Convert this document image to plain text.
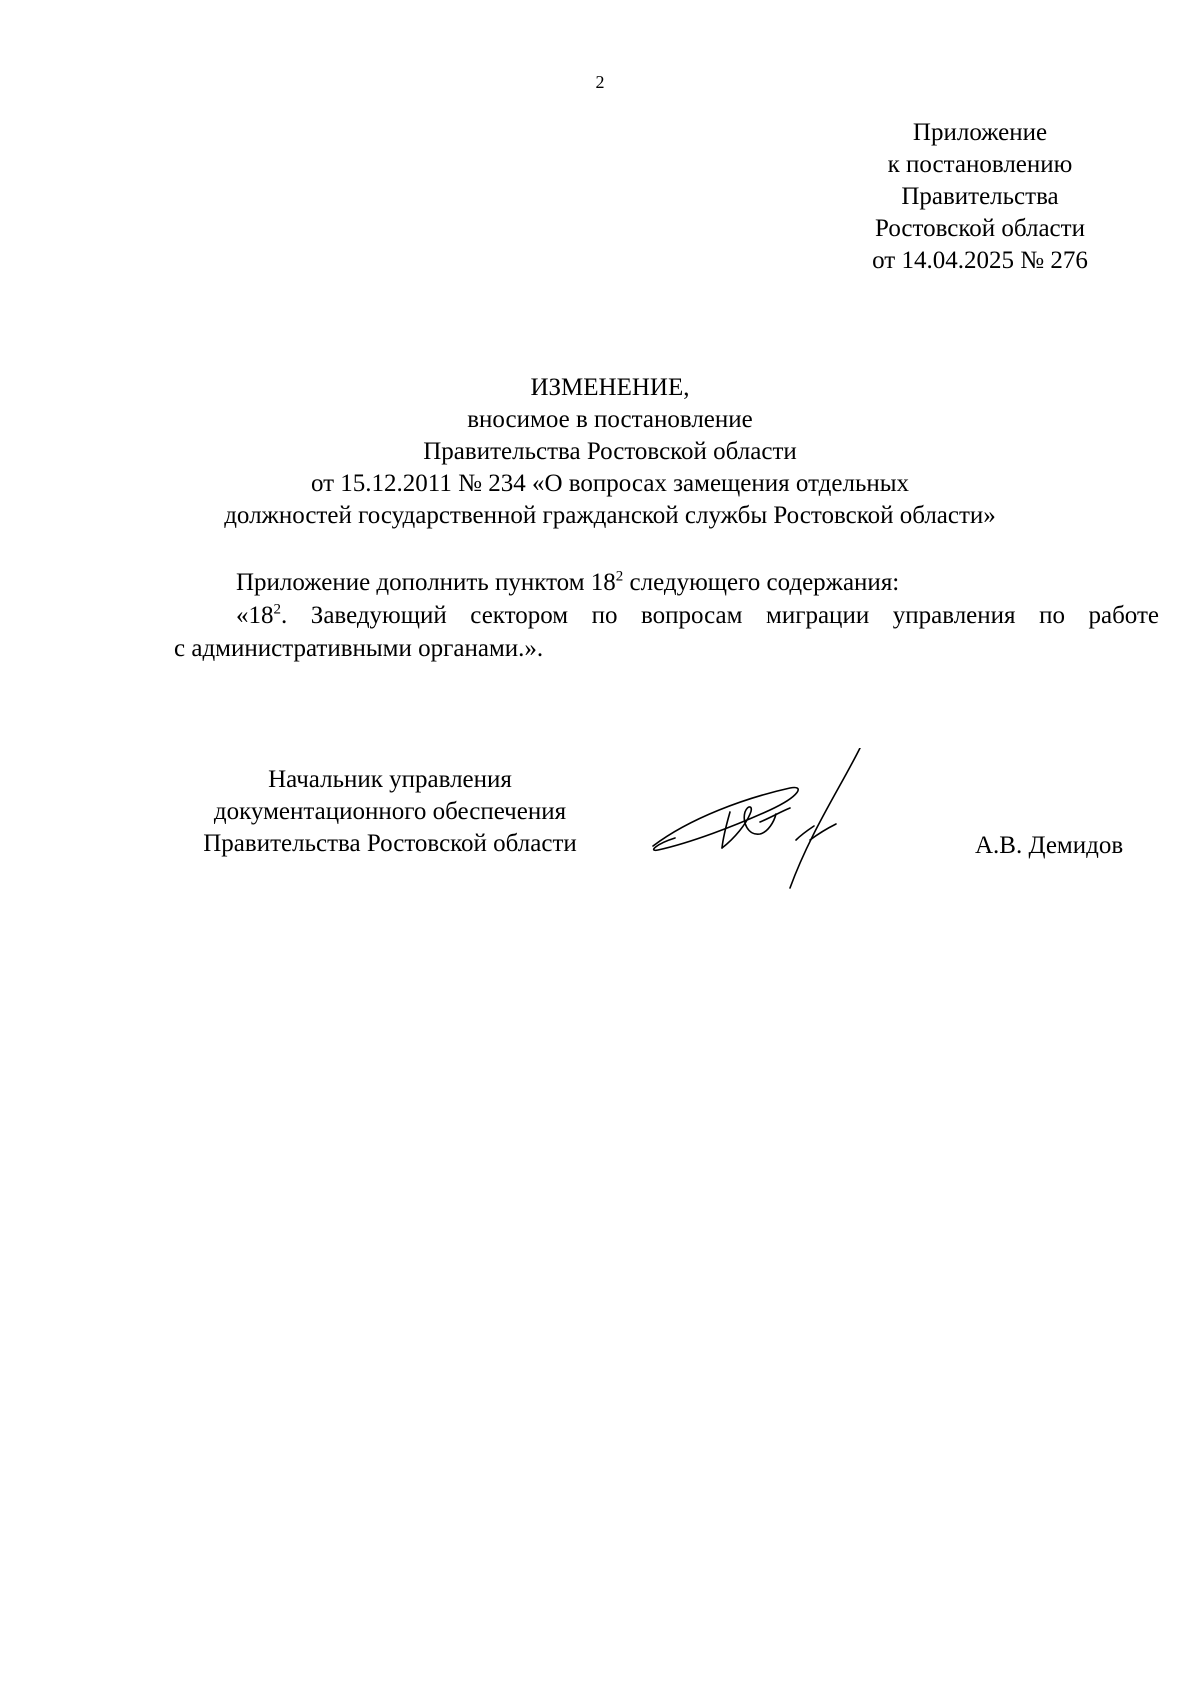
2
Приложение
к постановлению
Правительства
Ростовской области
от 14.04.2025 № 276
ИЗМЕНЕНИЕ,
вносимое в постановление
Правительства Ростовской области
от 15.12.2011 № 234 «О вопросах замещения отдельных
должностей государственной гражданской службы Ростовской области»
Приложение дополнить пунктом $18^2$ следующего содержания:
«$18^2$. Заведующий сектором по вопросам миграции управления по работе
с административными органами.».
Начальник управления
документационного обеспечения
Правительства Ростовской области	А.В. Демидов
